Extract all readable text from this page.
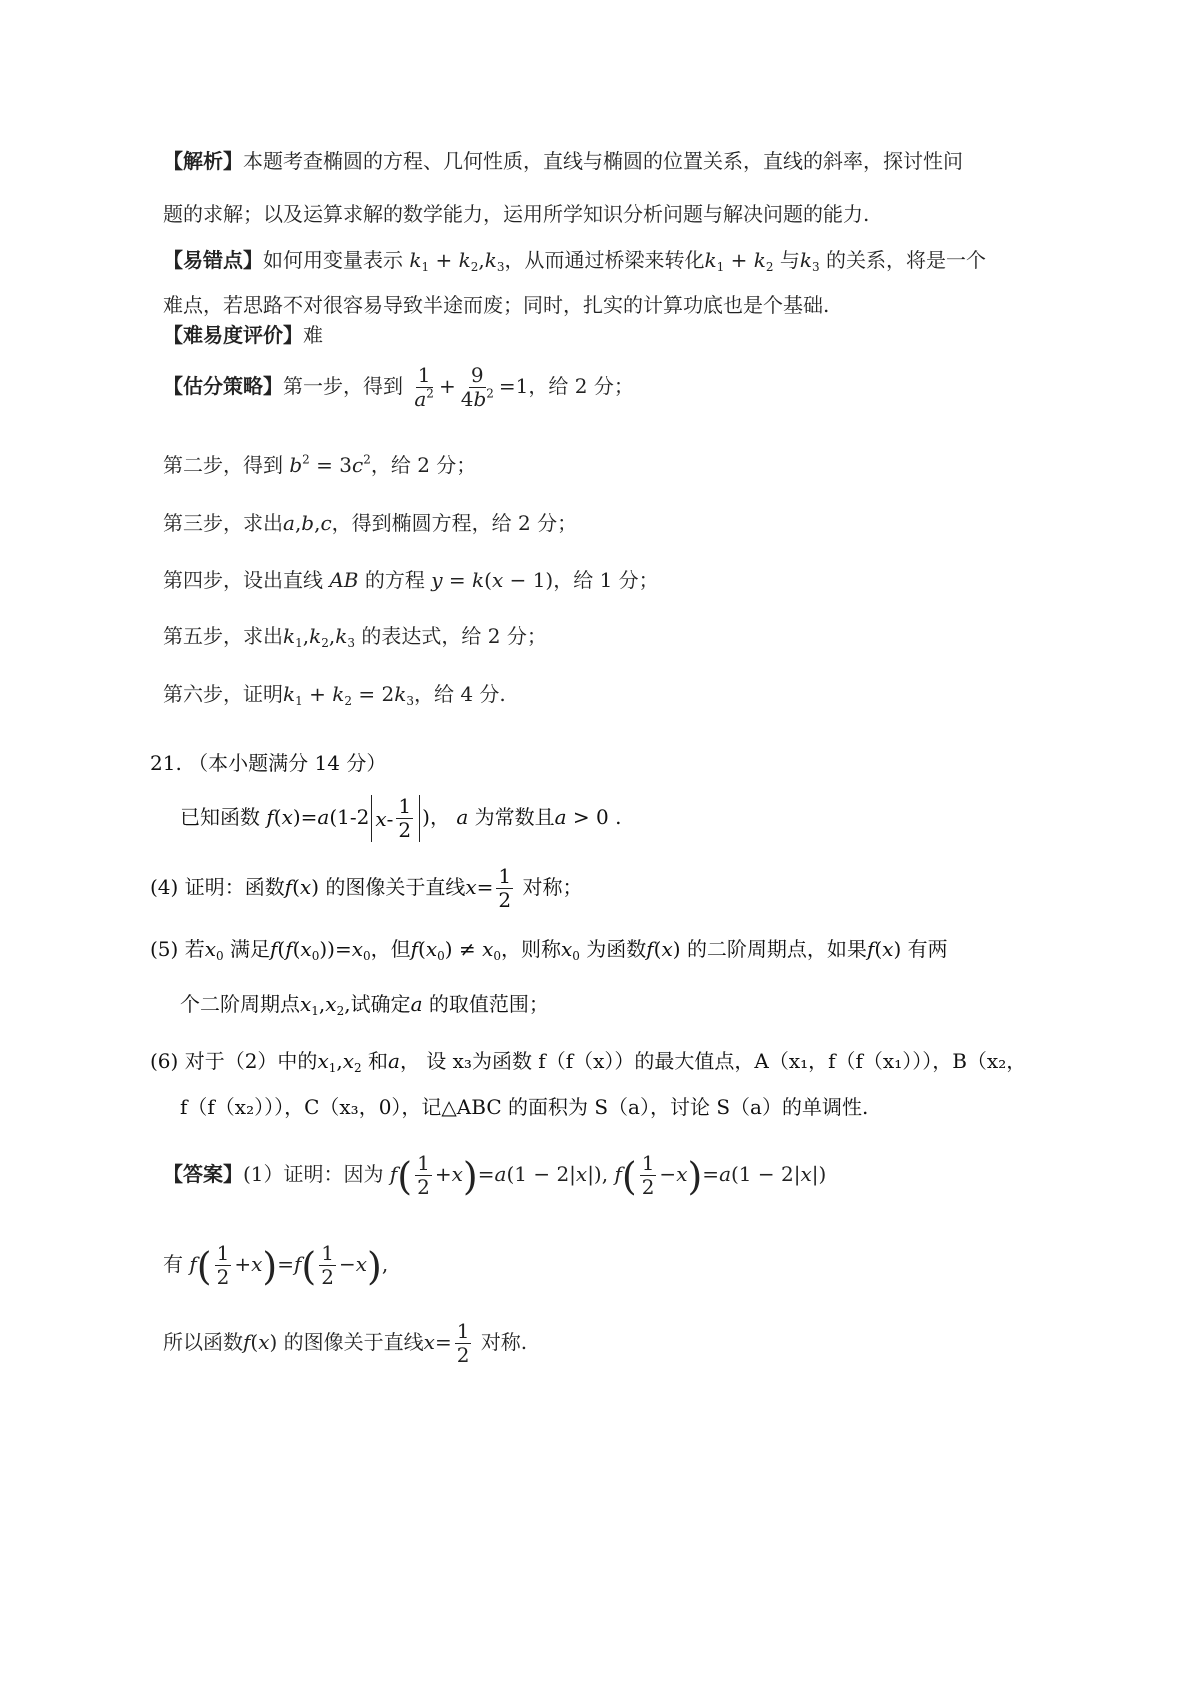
【解析】本题考查椭圆的方程、几何性质，直线与椭圆的位置关系，直线的斜率，探讨性问
题的求解；以及运算求解的数学能力，运用所学知识分析问题与解决问题的能力.
【易错点】如何用变量表示 $k_1 + k_2,k_3$，从而通过桥梁来转化$k_1 + k_2$ 与$k_3$ 的关系，将是一个
难点，若思路不对很容易导致半途而废；同时，扎实的计算功底也是个基础.
【难易度评价】难
【估分策略】第一步，得到 $\frac{1}{a^2} + \frac{9}{4b^2} =1$，给 2 分；
第二步，得到 $b^2 = 3c^2$，给 2 分；
第三步，求出a,b,c，得到椭圆方程，给 2 分；
第四步，设出直线 AB 的方程 y = k(x − 1)，给 1 分；
第五步，求出$k_1,k_2,k_3$ 的表达式，给 2 分；
第六步，证明$k_1 + k_2 = 2k_3$，给 4 分.
21. （本小题满分 14 分）
已知函数 f(x)=a(1-2 x - $\frac{1}{2}$ )， a 为常数且a > 0 .
(4) 证明：函数f(x) 的图像关于直线$x= \frac{1}{2}$ 对称；
(5) 若$x_0$ 满足$f(f(x_0))=x_0$，但$f(x_0) \ne x_0$，则称$x_0$ 为函数f(x) 的二阶周期点，如果f(x) 有两
个二阶周期点$x_1,x_2$,试确定a 的取值范围；
(6) 对于（2）中的$x_1,x_2$ 和a， 设 x₃为函数 f（f（x））的最大值点，A（x₁，f（f（x₁））），B（x₂，
f（f（x₂））），C（x₃，0），记△ABC 的面积为 S（a），讨论 S（a）的单调性.
【答案】(1）证明：因为 $f( \frac{1}{2} +x)=a(1 - 2|x|)$, $f( \frac{1}{2} -x)=a(1 - 2|x|)$
有 $f( \frac{1}{2} +x)=f( \frac{1}{2} -x)$,
所以函数f(x) 的图像关于直线$x= \frac{1}{2}$ 对称.
